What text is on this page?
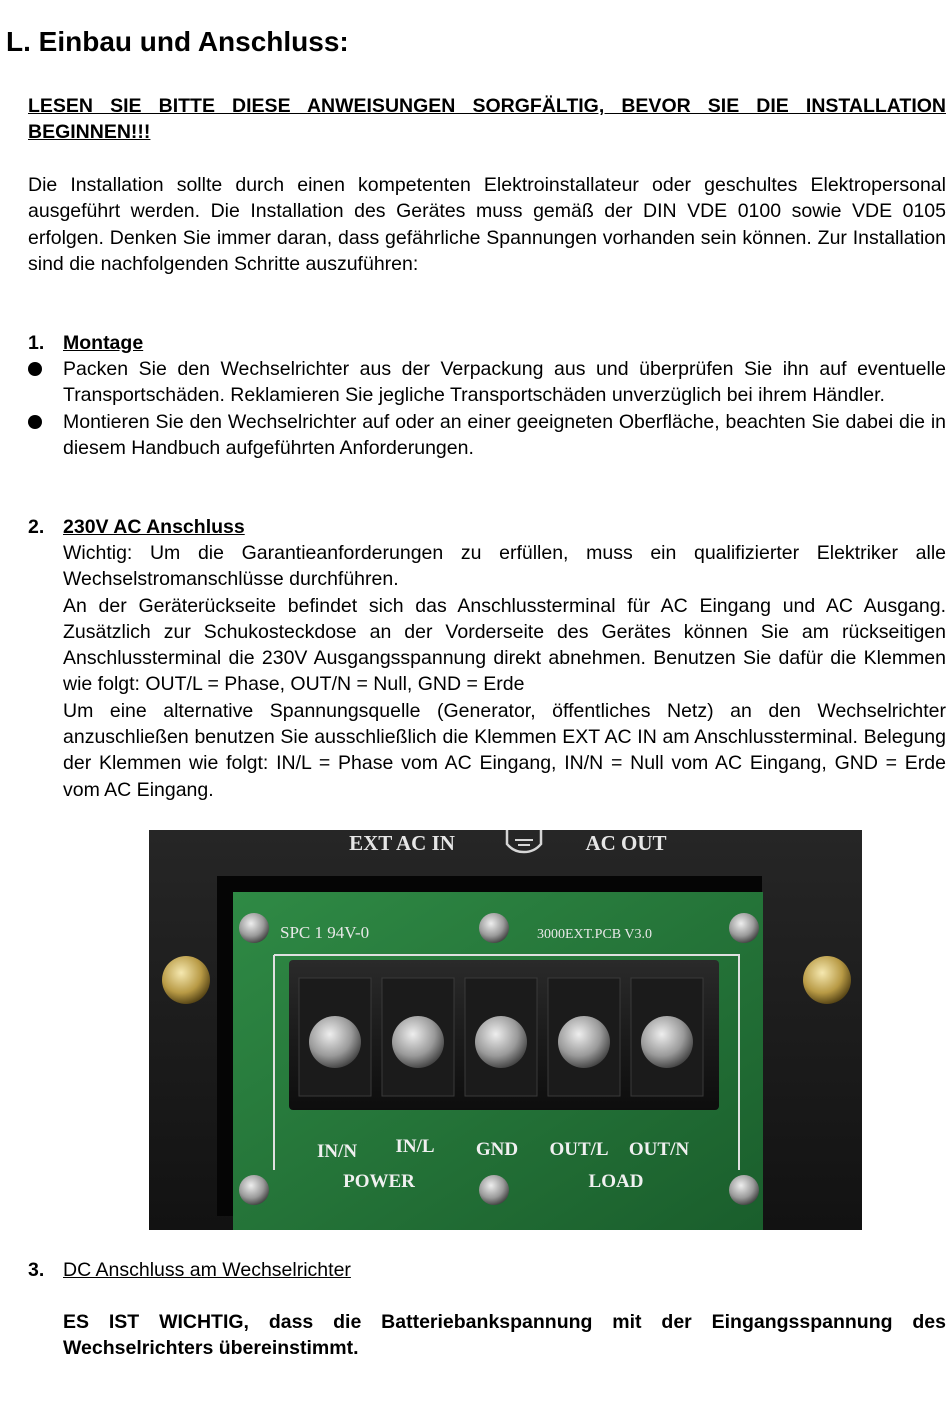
L. Einbau und Anschluss:

LESEN SIE BITTE DIESE ANWEISUNGEN SORGFÄLTIG, BEVOR SIE DIE INSTALLATION BEGINNEN!!!

Die Installation sollte durch einen kompetenten Elektroinstallateur oder geschultes Elektropersonal ausgeführt werden. Die Installation des Gerätes muss gemäß der DIN VDE 0100 sowie VDE 0105 erfolgen. Denken Sie immer daran, dass gefährliche Spannungen vorhanden sein können. Zur Installation sind die nachfolgenden Schritte auszuführen:

1. Montage
Packen Sie den Wechselrichter aus der Verpackung aus und überprüfen Sie ihn auf eventuelle Transportschäden. Reklamieren Sie jegliche Transportschäden unverzüglich bei ihrem Händler.
Montieren Sie den Wechselrichter auf oder an einer geeigneten Oberfläche, beachten Sie dabei die in diesem Handbuch aufgeführten Anforderungen.
2. 230V AC Anschluss

Wichtig: Um die Garantieanforderungen zu erfüllen, muss ein qualifizierter Elektriker alle Wechselstromanschlüsse durchführen.

An der Geräterückseite befindet sich das Anschlussterminal für AC Eingang und AC Ausgang. Zusätzlich zur Schukosteckdose an der Vorderseite des Gerätes können Sie am rückseitigen Anschlussterminal die 230V Ausgangsspannung direkt abnehmen. Benutzen Sie dafür die Klemmen wie folgt: OUT/L = Phase, OUT/N = Null, GND = Erde

Um eine alternative Spannungsquelle (Generator, öffentliches Netz) an den Wechselrichter anzuschließen benutzen Sie ausschließlich die Klemmen EXT AC IN am Anschlussterminal. Belegung der Klemmen wie folgt: IN/L = Phase vom AC Eingang, IN/N = Null vom AC Eingang, GND = Erde vom AC Eingang.

EXT AC IN	AC OUT
SPC 1 94V-0	3000EXT.PCB V3.0
IN/N IN/L GND OUT/L OUT/N
POWER	LOAD
3. DC Anschluss am Wechselrichter

ES IST WICHTIG, dass die Batteriebankspannung mit der Eingangsspannung des Wechselrichters übereinstimmt.
